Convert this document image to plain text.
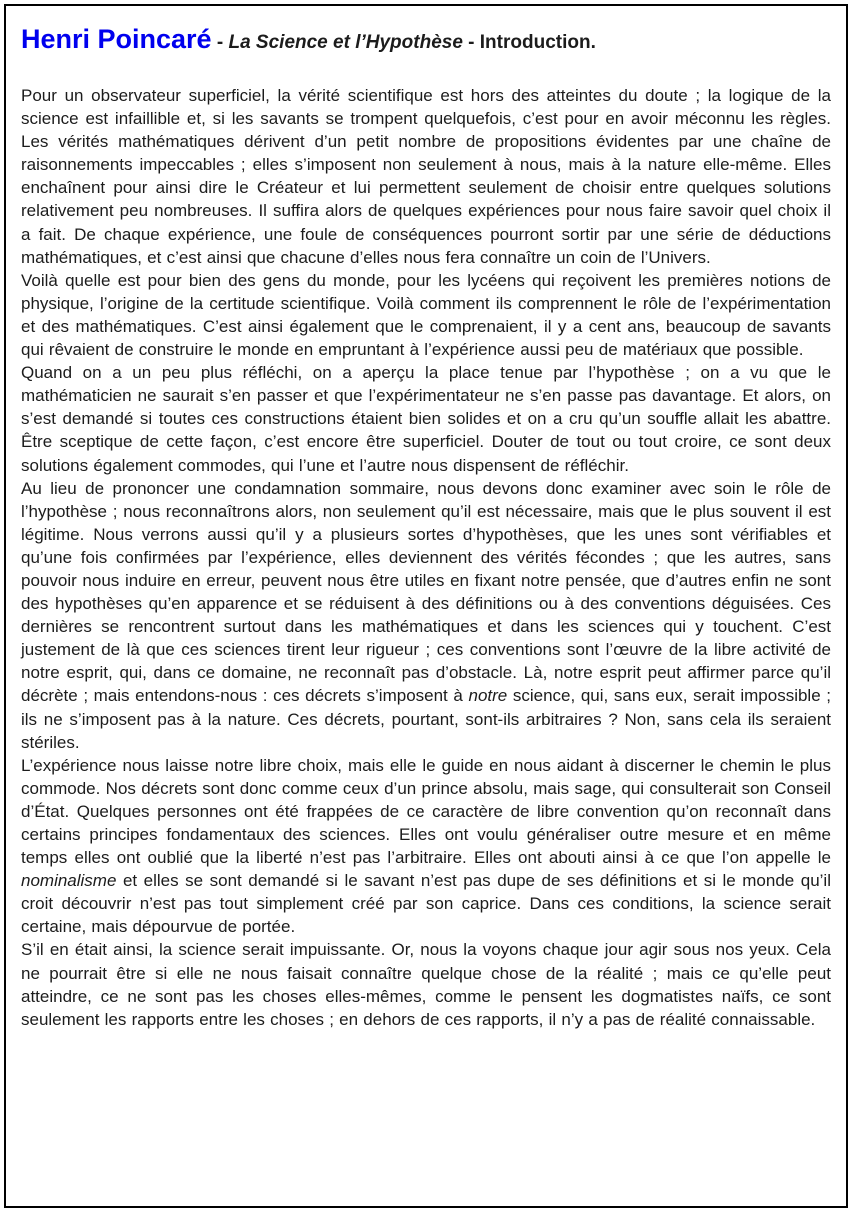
Henri Poincaré - La Science et l’Hypothèse - Introduction.

Pour un observateur superficiel, la vérité scientifique est hors des atteintes du doute ; la logique de la science est infaillible et, si les savants se trompent quelquefois, c’est pour en avoir méconnu les règles. Les vérités mathématiques dérivent d’un petit nombre de propositions évidentes par une chaîne de raisonnements impeccables ; elles s’imposent non seulement à nous, mais à la nature elle-même. Elles enchaînent pour ainsi dire le Créateur et lui permettent seulement de choisir entre quelques solutions relativement peu nombreuses. Il suffira alors de quelques expériences pour nous faire savoir quel choix il a fait. De chaque expérience, une foule de conséquences pourront sortir par une série de déductions mathématiques, et c’est ainsi que chacune d’elles nous fera connaître un coin de l’Univers.

Voilà quelle est pour bien des gens du monde, pour les lycéens qui reçoivent les premières notions de physique, l’origine de la certitude scientifique. Voilà comment ils comprennent le rôle de l’expérimentation et des mathématiques. C’est ainsi également que le comprenaient, il y a cent ans, beaucoup de savants qui rêvaient de construire le monde en empruntant à l’expérience aussi peu de matériaux que possible.

Quand on a un peu plus réfléchi, on a aperçu la place tenue par l’hypothèse ; on a vu que le mathématicien ne saurait s’en passer et que l’expérimentateur ne s’en passe pas davantage. Et alors, on s’est demandé si toutes ces constructions étaient bien solides et on a cru qu’un souffle allait les abattre. Être sceptique de cette façon, c’est encore être superficiel. Douter de tout ou tout croire, ce sont deux solutions également commodes, qui l’une et l’autre nous dispensent de réfléchir.

Au lieu de prononcer une condamnation sommaire, nous devons donc examiner avec soin le rôle de l’hypothèse ; nous reconnaîtrons alors, non seulement qu’il est nécessaire, mais que le plus souvent il est légitime. Nous verrons aussi qu’il y a plusieurs sortes d’hypothèses, que les unes sont vérifiables et qu’une fois confirmées par l’expérience, elles deviennent des vérités fécondes ; que les autres, sans pouvoir nous induire en erreur, peuvent nous être utiles en fixant notre pensée, que d’autres enfin ne sont des hypothèses qu’en apparence et se réduisent à des définitions ou à des conventions déguisées. Ces dernières se rencontrent surtout dans les mathématiques et dans les sciences qui y touchent. C’est justement de là que ces sciences tirent leur rigueur ; ces conventions sont l’œuvre de la libre activité de notre esprit, qui, dans ce domaine, ne reconnaît pas d’obstacle. Là, notre esprit peut affirmer parce qu’il décrète ; mais entendons-nous : ces décrets s’imposent à notre science, qui, sans eux, serait impossible ; ils ne s’imposent pas à la nature. Ces décrets, pourtant, sont-ils arbitraires ? Non, sans cela ils seraient stériles.

L’expérience nous laisse notre libre choix, mais elle le guide en nous aidant à discerner le chemin le plus commode. Nos décrets sont donc comme ceux d’un prince absolu, mais sage, qui consulterait son Conseil d’État. Quelques personnes ont été frappées de ce caractère de libre convention qu’on reconnaît dans certains principes fondamentaux des sciences. Elles ont voulu généraliser outre mesure et en même temps elles ont oublié que la liberté n’est pas l’arbitraire. Elles ont abouti ainsi à ce que l’on appelle le nominalisme et elles se sont demandé si le savant n’est pas dupe de ses définitions et si le monde qu’il croit découvrir n’est pas tout simplement créé par son caprice. Dans ces conditions, la science serait certaine, mais dépourvue de portée.

S’il en était ainsi, la science serait impuissante. Or, nous la voyons chaque jour agir sous nos yeux. Cela ne pourrait être si elle ne nous faisait connaître quelque chose de la réalité ; mais ce qu’elle peut atteindre, ce ne sont pas les choses elles-mêmes, comme le pensent les dogmatistes naïfs, ce sont seulement les rapports entre les choses ; en dehors de ces rapports, il n’y a pas de réalité connaissable.
